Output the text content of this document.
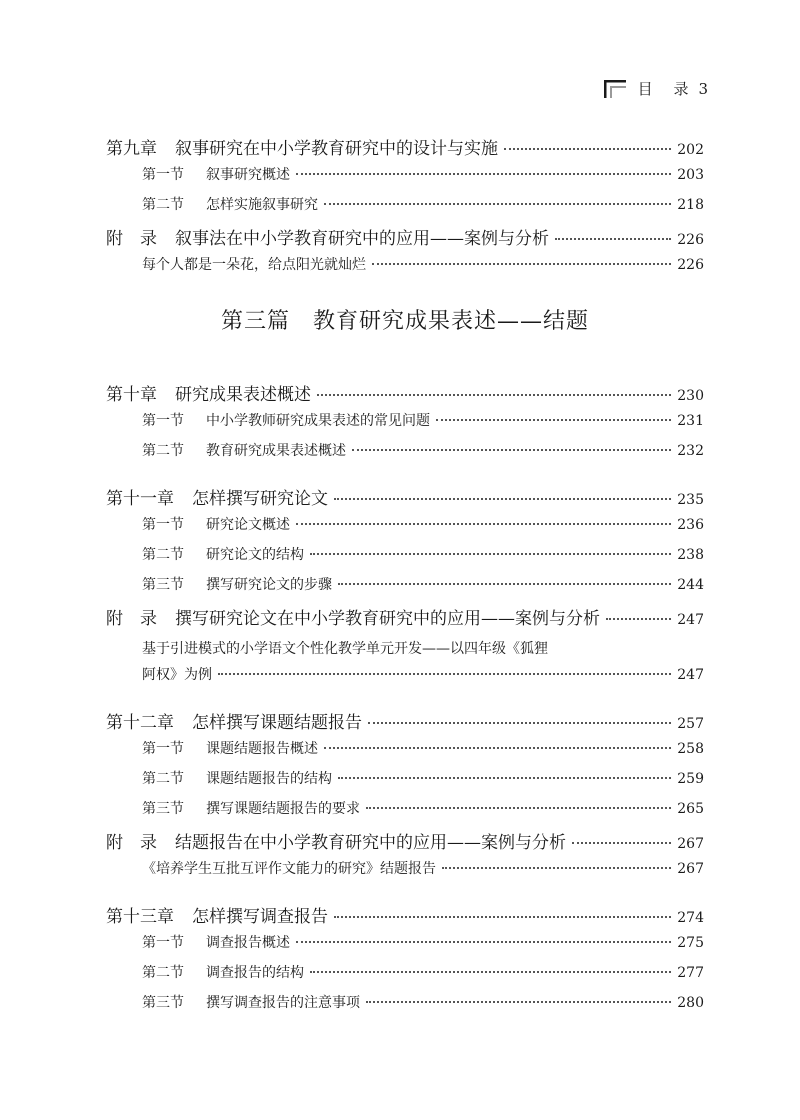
目 录 3
第九章 叙事研究在中小学教育研究中的设计与实施	202
第一节 叙事研究概述	203
第二节 怎样实施叙事研究	218
附　录 叙事法在中小学教育研究中的应用——案例与分析	226
每个人都是一朵花，给点阳光就灿烂	226
第三篇　教育研究成果表述——结题
第十章 研究成果表述概述	230
第一节 中小学教师研究成果表述的常见问题	231
第二节 教育研究成果表述概述	232
第十一章 怎样撰写研究论文	235
第一节 研究论文概述	236
第二节 研究论文的结构	238
第三节 撰写研究论文的步骤	244
附　录 撰写研究论文在中小学教育研究中的应用——案例与分析	247
基于引进模式的小学语文个性化教学单元开发——以四年级《狐狸
阿权》为例	247
第十二章 怎样撰写课题结题报告	257
第一节 课题结题报告概述	258
第二节 课题结题报告的结构	259
第三节 撰写课题结题报告的要求	265
附　录 结题报告在中小学教育研究中的应用——案例与分析	267
《培养学生互批互评作文能力的研究》结题报告	267
第十三章 怎样撰写调查报告	274
第一节 调查报告概述	275
第二节 调查报告的结构	277
第三节 撰写调查报告的注意事项	280
